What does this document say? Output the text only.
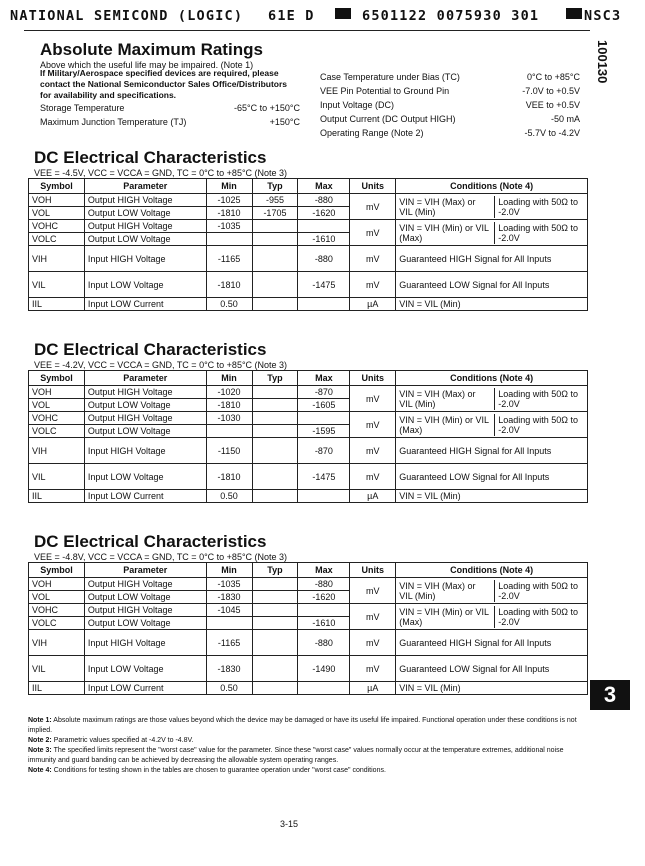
NATIONAL SEMICOND (LOGIC) 61E D	6501122 0075930 301	NSC3
100130
3
Absolute Maximum Ratings
Above which the useful life may be impaired. (Note 1)
If Military/Aerospace specified devices are required, please contact the National Semiconductor Sales Office/Distributors for availability and specifications.
Storage Temperature	-65°C to +150°C
Maximum Junction Temperature (TJ)	+150°C
Case Temperature under Bias (TC)	0°C to +85°C
VEE Pin Potential to Ground Pin	-7.0V to +0.5V
Input Voltage (DC)	VEE to +0.5V
Output Current (DC Output HIGH)	-50 mA
Operating Range (Note 2)	-5.7V to -4.2V
DC Electrical Characteristics
VEE = -4.5V, VCC = VCCA = GND, TC = 0°C to +85°C (Note 3)
Symbol	Parameter	Min	Typ	Max	Units	Conditions (Note 4)
VOH	Output HIGH Voltage	-1025	-955	-880	mV	VIN = VIH (Max) or VIL (Min)
Loading with 50Ω to -2.0V

VOL	Output LOW Voltage	-1810	-1705	-1620		
VOHC	Output HIGH Voltage	-1035			mV	VIN = VIH (Min) or VIL (Max)
Loading with 50Ω to -2.0V

VOLC	Output LOW Voltage			-1610		
VIH	Input HIGH Voltage	-1165		-880	mV	Guaranteed HIGH Signal for All Inputs
VIL	Input LOW Voltage	-1810		-1475	mV	Guaranteed LOW Signal for All Inputs
IIL	Input LOW Current	0.50			µA	VIN = VIL (Min)
DC Electrical Characteristics
VEE = -4.2V, VCC = VCCA = GND, TC = 0°C to +85°C (Note 3)
Symbol	Parameter	Min	Typ	Max	Units	Conditions (Note 4)
VOH	Output HIGH Voltage	-1020		-870	mV	VIN = VIH (Max) or VIL (Min)
Loading with 50Ω to -2.0V

VOL	Output LOW Voltage	-1810		-1605		
VOHC	Output HIGH Voltage	-1030			mV	VIN = VIH (Min) or VIL (Max)
Loading with 50Ω to -2.0V

VOLC	Output LOW Voltage			-1595		
VIH	Input HIGH Voltage	-1150		-870	mV	Guaranteed HIGH Signal for All Inputs
VIL	Input LOW Voltage	-1810		-1475	mV	Guaranteed LOW Signal for All Inputs
IIL	Input LOW Current	0.50			µA	VIN = VIL (Min)
DC Electrical Characteristics
VEE = -4.8V, VCC = VCCA = GND, TC = 0°C to +85°C (Note 3)
Symbol	Parameter	Min	Typ	Max	Units	Conditions (Note 4)
VOH	Output HIGH Voltage	-1035		-880	mV	VIN = VIH (Max) or VIL (Min)
Loading with 50Ω to -2.0V

VOL	Output LOW Voltage	-1830		-1620		
VOHC	Output HIGH Voltage	-1045			mV	VIN = VIH (Min) or VIL (Max)
Loading with 50Ω to -2.0V

VOLC	Output LOW Voltage			-1610		
VIH	Input HIGH Voltage	-1165		-880	mV	Guaranteed HIGH Signal for All Inputs
VIL	Input LOW Voltage	-1830		-1490	mV	Guaranteed LOW Signal for All Inputs
IIL	Input LOW Current	0.50			µA	VIN = VIL (Min)
Note 1: Absolute maximum ratings are those values beyond which the device may be damaged or have its useful life impaired. Functional operation under these conditions is not implied.
Note 2: Parametric values specified at -4.2V to -4.8V.
Note 3: The specified limits represent the "worst case" value for the parameter. Since these "worst case" values normally occur at the temperature extremes, additional noise immunity and guard banding can be achieved by decreasing the allowable system operating ranges.
Note 4: Conditions for testing shown in the tables are chosen to guarantee operation under "worst case" conditions.
3-15
